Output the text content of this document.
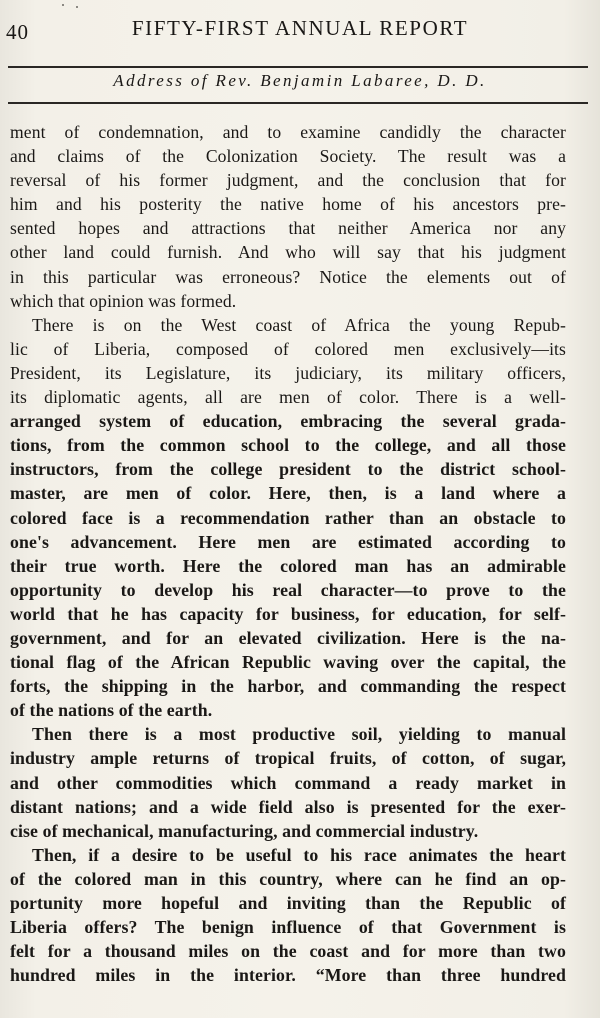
40	FIFTY-FIRST ANNUAL REPORT
Address of Rev. Benjamin Labaree, D. D.
ment of condemnation, and to examine candidly the character
and claims of the Colonization Society. The result was a
reversal of his former judgment, and the conclusion that for
him and his posterity the native home of his ancestors pre-
sented hopes and attractions that neither America nor any
other land could furnish. And who will say that his judgment
in this particular was erroneous? Notice the elements out of
which that opinion was formed.
There is on the West coast of Africa the young Repub-
lic of Liberia, composed of colored men exclusively—its
President, its Legislature, its judiciary, its military officers,
its diplomatic agents, all are men of color. There is a well-
arranged system of education, embracing the several grada-
tions, from the common school to the college, and all those
instructors, from the college president to the district school-
master, are men of color. Here, then, is a land where a
colored face is a recommendation rather than an obstacle to
one's advancement. Here men are estimated according to
their true worth. Here the colored man has an admirable
opportunity to develop his real character—to prove to the
world that he has capacity for business, for education, for self-
government, and for an elevated civilization. Here is the na-
tional flag of the African Republic waving over the capital, the
forts, the shipping in the harbor, and commanding the respect
of the nations of the earth.
Then there is a most productive soil, yielding to manual
industry ample returns of tropical fruits, of cotton, of sugar,
and other commodities which command a ready market in
distant nations; and a wide field also is presented for the exer-
cise of mechanical, manufacturing, and commercial industry.
Then, if a desire to be useful to his race animates the heart
of the colored man in this country, where can he find an op-
portunity more hopeful and inviting than the Republic of
Liberia offers? The benign influence of that Government is
felt for a thousand miles on the coast and for more than two
hundred miles in the interior. “More than three hundred
